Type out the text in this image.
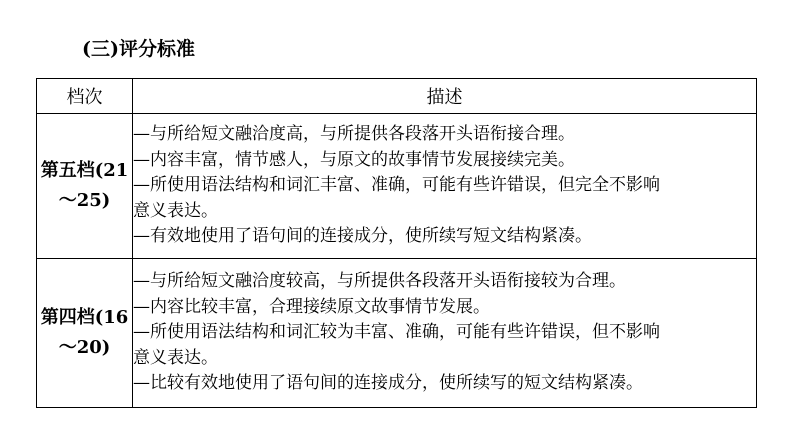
(三)评分标准
档次	描述

第五档(21
～25)	—与所给短文融洽度高，与所提供各段落开头语衔接合理。
—内容丰富，情节感人，与原文的故事情节发展接续完美。
—所使用语法结构和词汇丰富、准确，可能有些许错误，但完全不影响
意义表达。
—有效地使用了语句间的连接成分，使所续写短文结构紧凑。

第四档(16
～20)	—与所给短文融洽度较高，与所提供各段落开头语衔接较为合理。
—内容比较丰富，合理接续原文故事情节发展。
—所使用语法结构和词汇较为丰富、准确，可能有些许错误，但不影响
意义表达。
—比较有效地使用了语句间的连接成分，使所续写的短文结构紧凑。
